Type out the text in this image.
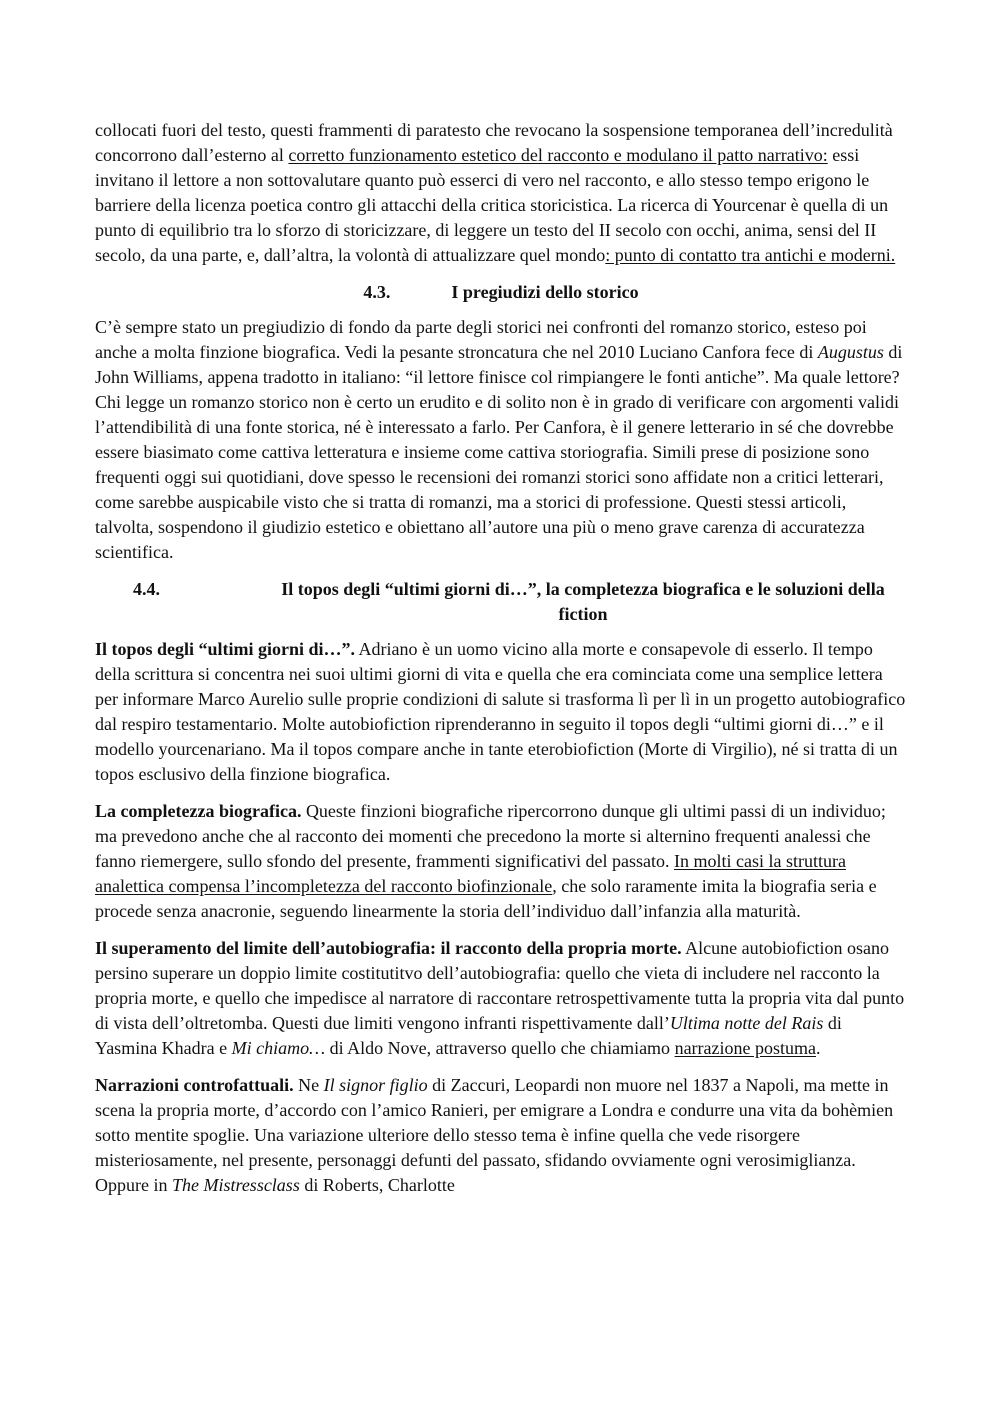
collocati fuori del testo, questi frammenti di paratesto che revocano la sospensione temporanea dell’incredulità concorrono dall’esterno al corretto funzionamento estetico del racconto e modulano il patto narrativo: essi invitano il lettore a non sottovalutare quanto può esserci di vero nel racconto, e allo stesso tempo erigono le barriere della licenza poetica contro gli attacchi della critica storicistica. La ricerca di Yourcenar è quella di un punto di equilibrio tra lo sforzo di storicizzare, di leggere un testo del II secolo con occhi, anima, sensi del II secolo, da una parte, e, dall’altra, la volontà di attualizzare quel mondo: punto di contatto tra antichi e moderni.

4.3.	I pregiudizi dello storico

C’è sempre stato un pregiudizio di fondo da parte degli storici nei confronti del romanzo storico, esteso poi anche a molta finzione biografica. Vedi la pesante stroncatura che nel 2010 Luciano Canfora fece di Augustus di John Williams, appena tradotto in italiano: “il lettore finisce col rimpiangere le fonti antiche”. Ma quale lettore? Chi legge un romanzo storico non è certo un erudito e di solito non è in grado di verificare con argomenti validi l’attendibilità di una fonte storica, né è interessato a farlo. Per Canfora, è il genere letterario in sé che dovrebbe essere biasimato come cattiva letteratura e insieme come cattiva storiografia. Simili prese di posizione sono frequenti oggi sui quotidiani, dove spesso le recensioni dei romanzi storici sono affidate non a critici letterari, come sarebbe auspicabile visto che si tratta di romanzi, ma a storici di professione. Questi stessi articoli, talvolta, sospendono il giudizio estetico e obiettano all’autore una più o meno grave carenza di accuratezza scientifica.

4.4.	Il topos degli “ultimi giorni di…”, la completezza biografica e le soluzioni della fiction

Il topos degli “ultimi giorni di…”. Adriano è un uomo vicino alla morte e consapevole di esserlo. Il tempo della scrittura si concentra nei suoi ultimi giorni di vita e quella che era cominciata come una semplice lettera per informare Marco Aurelio sulle proprie condizioni di salute si trasforma lì per lì in un progetto autobiografico dal respiro testamentario. Molte autobiofiction riprenderanno in seguito il topos degli “ultimi giorni di…” e il modello yourcenariano. Ma il topos compare anche in tante eterobiofiction (Morte di Virgilio), né si tratta di un topos esclusivo della finzione biografica.

La completezza biografica. Queste finzioni biografiche ripercorrono dunque gli ultimi passi di un individuo; ma prevedono anche che al racconto dei momenti che precedono la morte si alternino frequenti analessi che fanno riemergere, sullo sfondo del presente, frammenti significativi del passato. In molti casi la struttura analettica compensa l’incompletezza del racconto biofinzionale, che solo raramente imita la biografia seria e procede senza anacronie, seguendo linearmente la storia dell’individuo dall’infanzia alla maturità.

Il superamento del limite dell’autobiografia: il racconto della propria morte. Alcune autobiofiction osano persino superare un doppio limite costitutitvo dell’autobiografia: quello che vieta di includere nel racconto la propria morte, e quello che impedisce al narratore di raccontare retrospettivamente tutta la propria vita dal punto di vista dell’oltretomba. Questi due limiti vengono infranti rispettivamente dall’Ultima notte del Rais di Yasmina Khadra e Mi chiamo… di Aldo Nove, attraverso quello che chiamiamo narrazione postuma.

Narrazioni controfattuali. Ne Il signor figlio di Zaccuri, Leopardi non muore nel 1837 a Napoli, ma mette in scena la propria morte, d’accordo con l’amico Ranieri, per emigrare a Londra e condurre una vita da bohèmien sotto mentite spoglie. Una variazione ulteriore dello stesso tema è infine quella che vede risorgere misteriosamente, nel presente, personaggi defunti del passato, sfidando ovviamente ogni verosimiglianza. Oppure in The Mistressclass di Roberts, Charlotte
